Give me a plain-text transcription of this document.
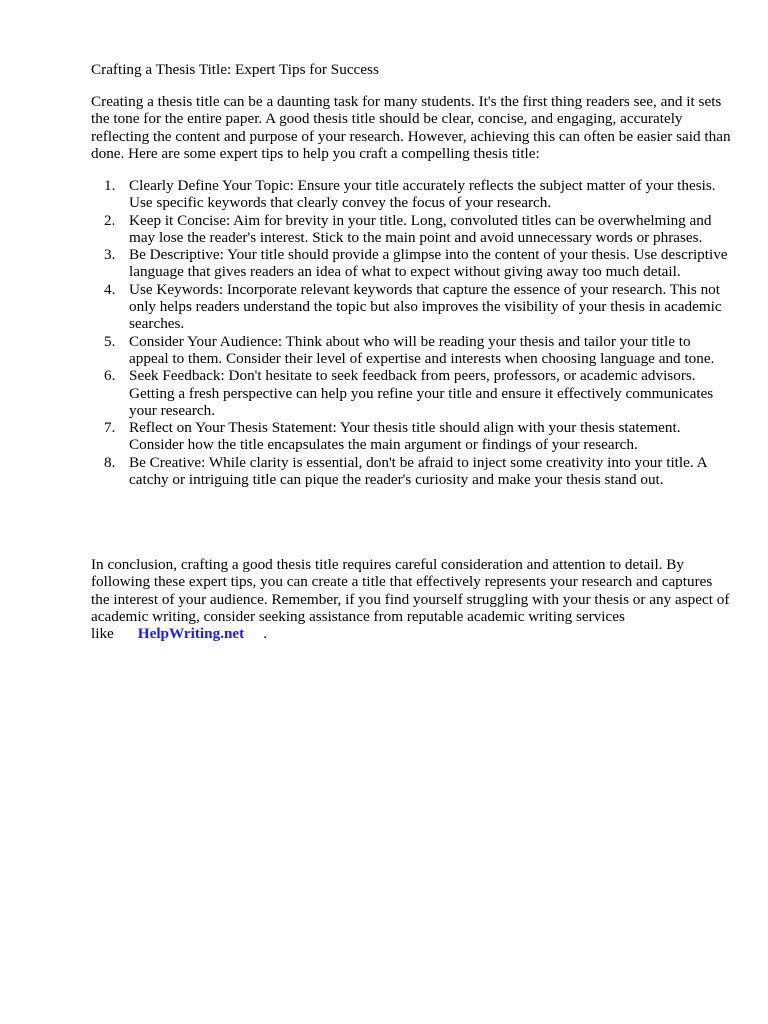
Crafting a Thesis Title: Expert Tips for Success

Creating a thesis title can be a daunting task for many students. It's the first thing readers see, and it sets the tone for the entire paper. A good thesis title should be clear, concise, and engaging, accurately reflecting the content and purpose of your research. However, achieving this can often be easier said than done. Here are some expert tips to help you craft a compelling thesis title:

1. Clearly Define Your Topic: Ensure your title accurately reflects the subject matter of your thesis. Use specific keywords that clearly convey the focus of your research.
2. Keep it Concise: Aim for brevity in your title. Long, convoluted titles can be overwhelming and may lose the reader's interest. Stick to the main point and avoid unnecessary words or phrases.
3. Be Descriptive: Your title should provide a glimpse into the content of your thesis. Use descriptive language that gives readers an idea of what to expect without giving away too much detail.
4. Use Keywords: Incorporate relevant keywords that capture the essence of your research. This not only helps readers understand the topic but also improves the visibility of your thesis in academic searches.
5. Consider Your Audience: Think about who will be reading your thesis and tailor your title to appeal to them. Consider their level of expertise and interests when choosing language and tone.
6. Seek Feedback: Don't hesitate to seek feedback from peers, professors, or academic advisors. Getting a fresh perspective can help you refine your title and ensure it effectively communicates your research.
7. Reflect on Your Thesis Statement: Your thesis title should align with your thesis statement. Consider how the title encapsulates the main argument or findings of your research.
8. Be Creative: While clarity is essential, don't be afraid to inject some creativity into your title. A catchy or intriguing title can pique the reader's curiosity and make your thesis stand out.

In conclusion, crafting a good thesis title requires careful consideration and attention to detail. By following these expert tips, you can create a title that effectively represents your research and captures the interest of your audience. Remember, if you find yourself struggling with your thesis or any aspect of academic writing, consider seeking assistance from reputable academic writing services like HelpWriting.net .
